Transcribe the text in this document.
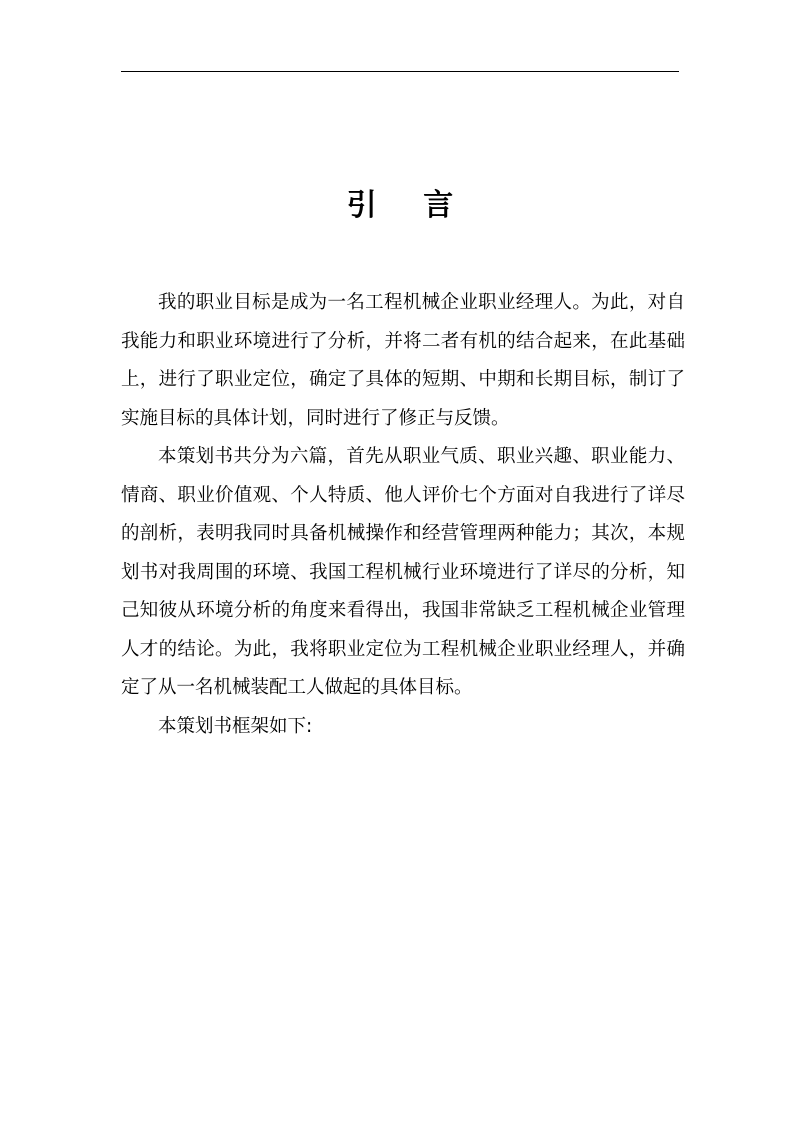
引 言

我的职业目标是成为一名工程机械企业职业经理人。为此，对自我能力和职业环境进行了分析，并将二者有机的结合起来，在此基础上，进行了职业定位，确定了具体的短期、中期和长期目标，制订了实施目标的具体计划，同时进行了修正与反馈。

本策划书共分为六篇，首先从职业气质、职业兴趣、职业能力、情商、职业价值观、个人特质、他人评价七个方面对自我进行了详尽的剖析，表明我同时具备机械操作和经营管理两种能力；其次，本规划书对我周围的环境、我国工程机械行业环境进行了详尽的分析，知己知彼从环境分析的角度来看得出，我国非常缺乏工程机械企业管理人才的结论。为此，我将职业定位为工程机械企业职业经理人，并确定了从一名机械装配工人做起的具体目标。

本策划书框架如下:
